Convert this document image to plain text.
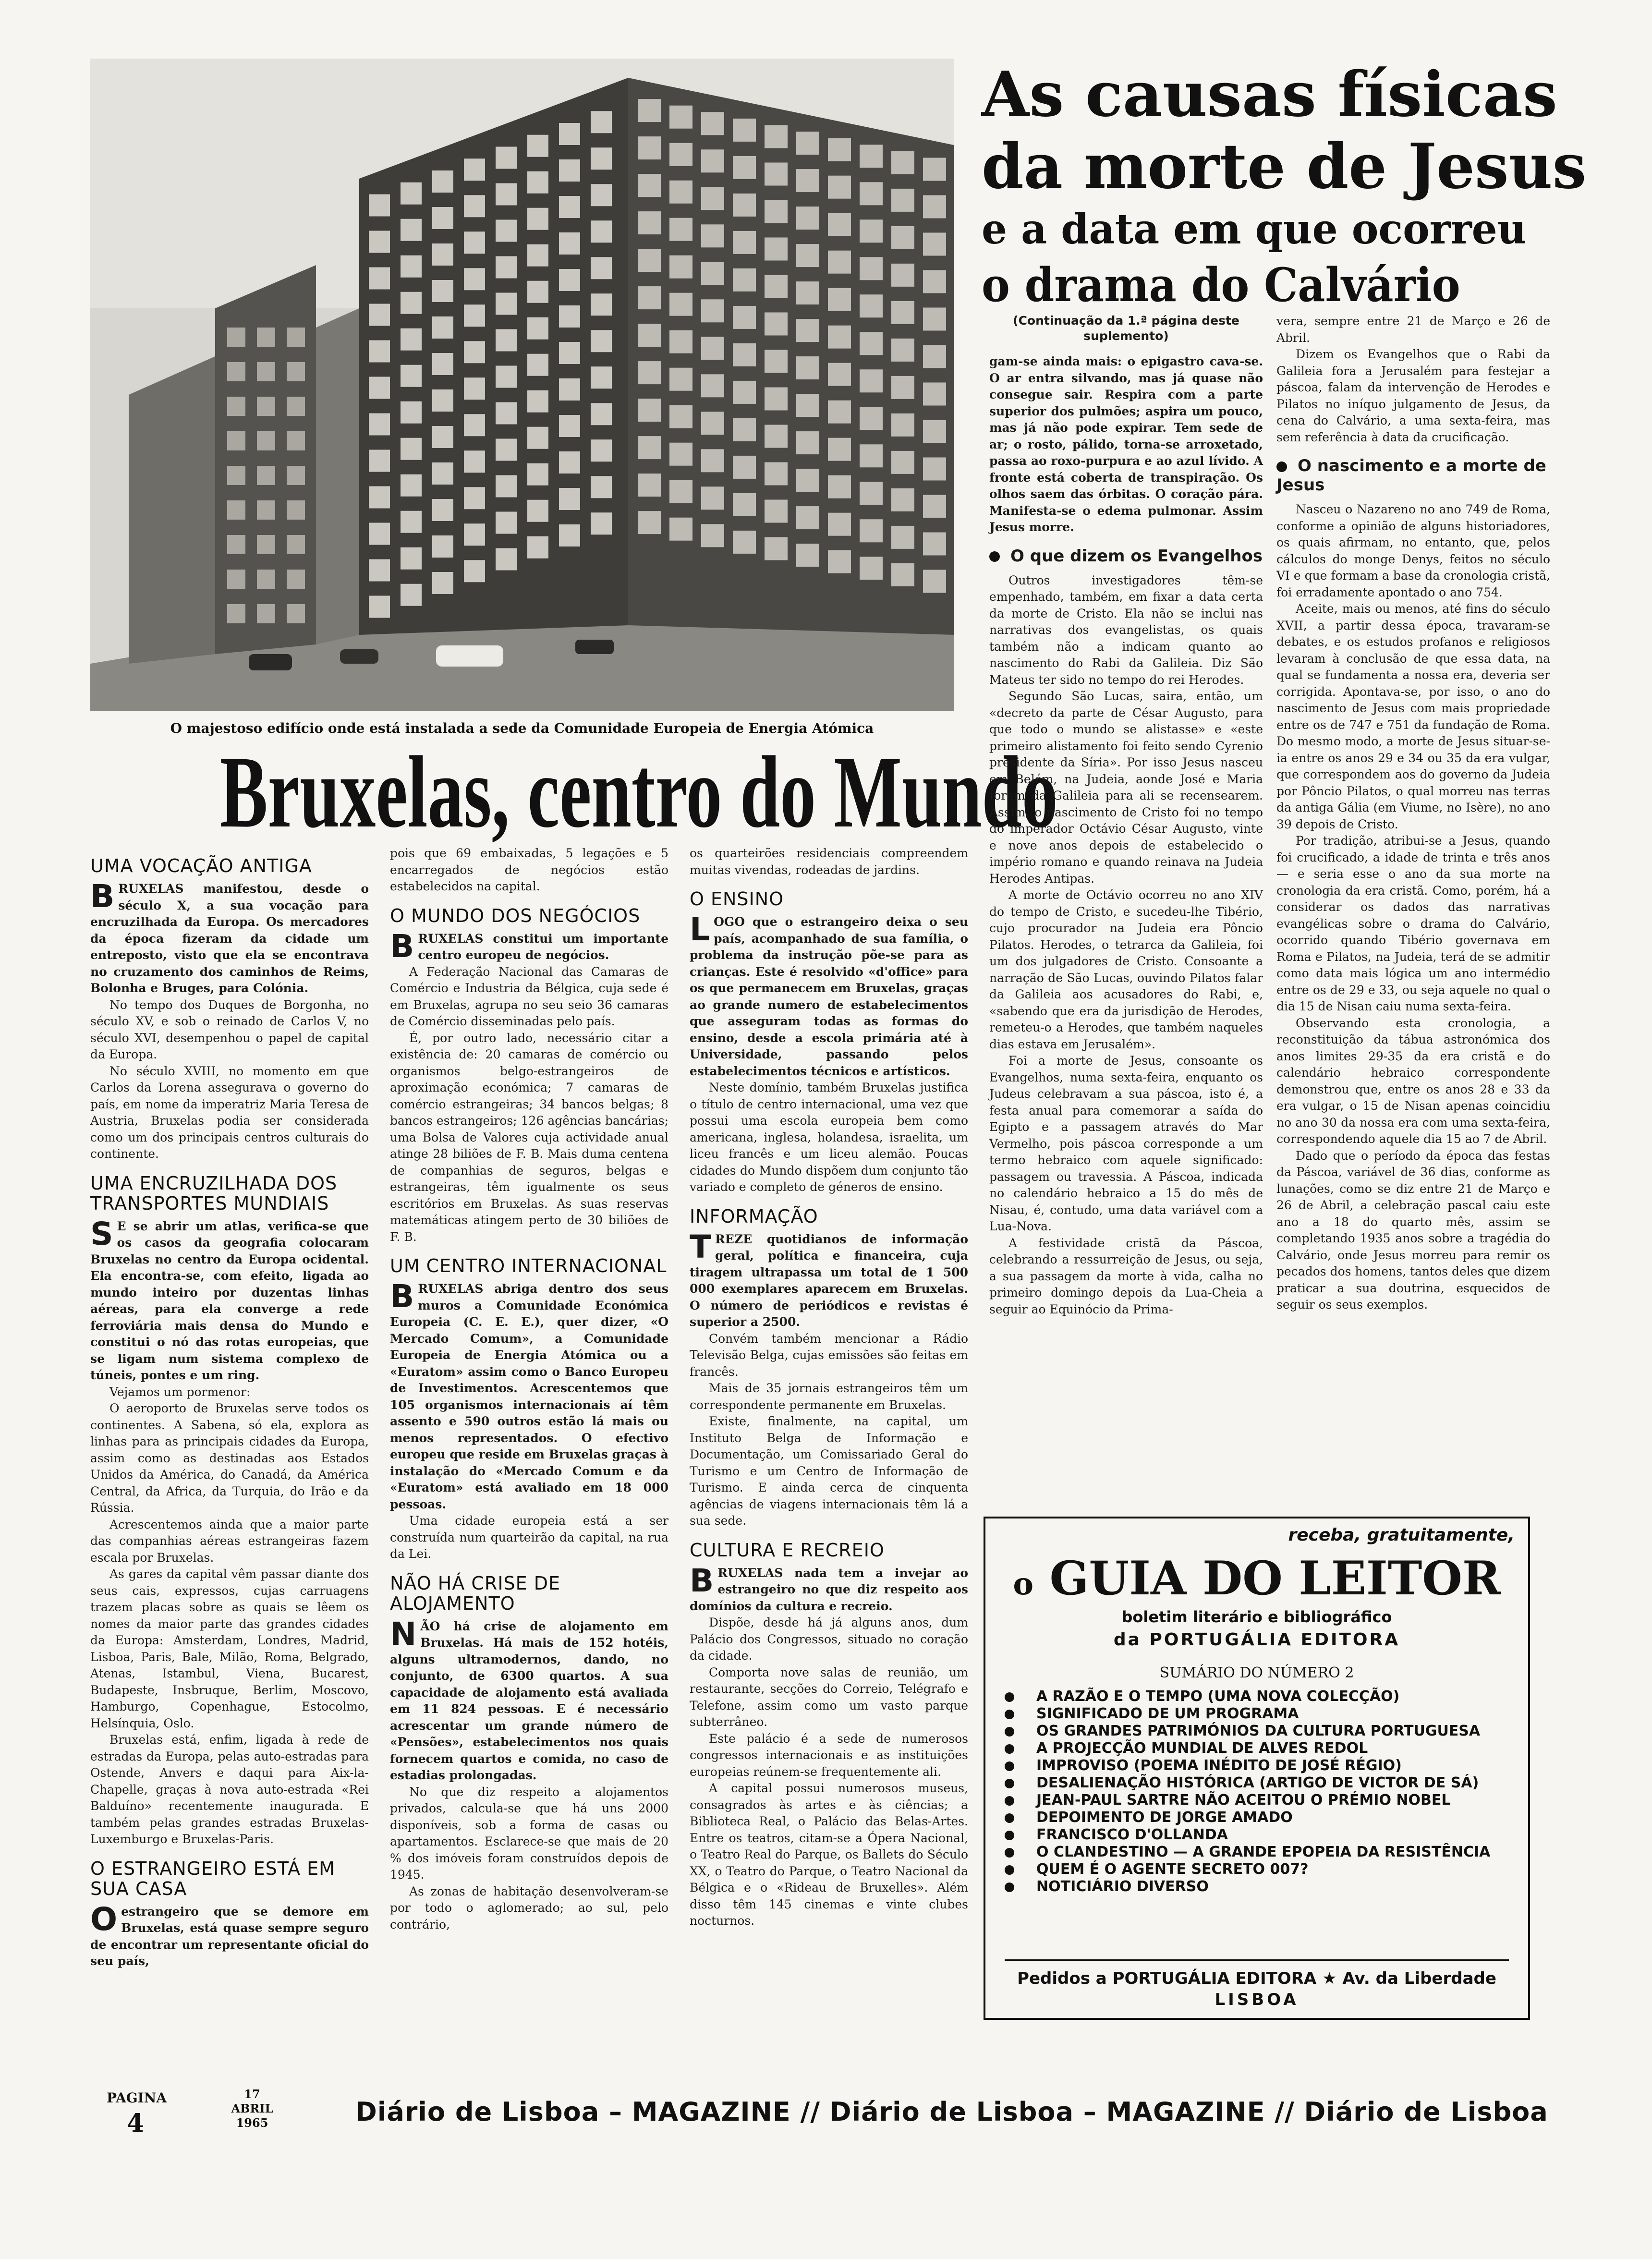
O majestoso edifício onde está instalada a sede da Comunidade Europeia de Energia Atómica
Bruxelas, centro do Mundo
UMA VOCAÇÃO ANTIGA

BRUXELAS manifestou, desde o século X, a sua vocação para encruzilhada da Europa. Os mercadores da época fizeram da cidade um entreposto, visto que ela se encontrava no cruzamento dos caminhos de Reims, Bolonha e Bruges, para Colónia.

No tempo dos Duques de Borgonha, no século XV, e sob o reinado de Carlos V, no século XVI, desempenhou o papel de capital da Europa.

No século XVIII, no momento em que Carlos da Lorena assegurava o governo do país, em nome da imperatriz Maria Teresa de Austria, Bruxelas podia ser considerada como um dos principais centros culturais do continente.

UMA ENCRUZILHADA DOS TRANSPORTES MUNDIAIS

S E se abrir um atlas, verifica-se que os casos da geografia colocaram Bruxelas no centro da Europa ocidental. Ela encontra-se, com efeito, ligada ao mundo inteiro por duzentas linhas aéreas, para ela converge a rede ferroviária mais densa do Mundo e constitui o nó das rotas europeias, que se ligam num sistema complexo de túneis, pontes e um ring.

Vejamos um pormenor:

O aeroporto de Bruxelas serve todos os continentes. A Sabena, só ela, explora as linhas para as principais cidades da Europa, assim como as destinadas aos Estados Unidos da América, do Canadá, da América Central, da Africa, da Turquia, do Irão e da Rússia.

Acrescentemos ainda que a maior parte das companhias aéreas estrangeiras fazem escala por Bruxelas.

As gares da capital vêm passar diante dos seus cais, expressos, cujas carruagens trazem placas sobre as quais se lêem os nomes da maior parte das grandes cidades da Europa: Amsterdam, Londres, Madrid, Lisboa, Paris, Bale, Milão, Roma, Belgrado, Atenas, Istambul, Viena, Bucarest, Budapeste, Insbruque, Berlim, Moscovo, Hamburgo, Copenhague, Estocolmo, Helsínquia, Oslo.

Bruxelas está, enfim, ligada à rede de estradas da Europa, pelas auto-estradas para Ostende, Anvers e daqui para Aix-la-Chapelle, graças à nova auto-estrada «Rei Balduíno» recentemente inaugurada. E também pelas grandes estradas Bruxelas-Luxemburgo e Bruxelas-Paris.

O ESTRANGEIRO ESTÁ EM SUA CASA

Oestrangeiro que se demore em Bruxelas, está quase sempre seguro de encontrar um representante oficial do seu país,

pois que 69 embaixadas, 5 legações e 5 encarregados de negócios estão estabelecidos na capital.

O MUNDO DOS NEGÓCIOS

BRUXELAS constitui um importante centro europeu de negócios.

A Federação Nacional das Camaras de Comércio e Industria da Bélgica, cuja sede é em Bruxelas, agrupa no seu seio 36 camaras de Comércio disseminadas pelo país.

É, por outro lado, necessário citar a existência de: 20 camaras de comércio ou organismos belgo-estrangeiros de aproximação económica; 7 camaras de comércio estrangeiras; 34 bancos belgas; 8 bancos estrangeiros; 126 agências bancárias; uma Bolsa de Valores cuja actividade anual atinge 28 biliões de F. B. Mais duma centena de companhias de seguros, belgas e estrangeiras, têm igualmente os seus escritórios em Bruxelas. As suas reservas matemáticas atingem perto de 30 biliões de F. B.

UM CENTRO INTERNACIONAL

BRUXELAS abriga dentro dos seus muros a Comunidade Económica Europeia (C. E. E.), quer dizer, «O Mercado Comum», a Comunidade Europeia de Energia Atómica ou a «Euratom» assim como o Banco Europeu de Investimentos. Acrescentemos que 105 organismos internacionais aí têm assento e 590 outros estão lá mais ou menos representados. O efectivo europeu que reside em Bruxelas graças à instalação do «Mercado Comum e da «Euratom» está avaliado em 18 000 pessoas.

Uma cidade europeia está a ser construída num quarteirão da capital, na rua da Lei.

NÃO HÁ CRISE DE ALOJAMENTO

NÃO há crise de alojamento em Bruxelas. Há mais de 152 hotéis, alguns ultramodernos, dando, no conjunto, de 6300 quartos. A sua capacidade de alojamento está avaliada em 11 824 pessoas. E é necessário acrescentar um grande número de «Pensões», estabelecimentos nos quais fornecem quartos e comida, no caso de estadias prolongadas.

No que diz respeito a alojamentos privados, calcula-se que há uns 2000 disponíveis, sob a forma de casas ou apartamentos. Esclarece-se que mais de 20 % dos imóveis foram construídos depois de 1945.

As zonas de habitação desenvolveram-se por todo o aglomerado; ao sul, pelo contrário,

os quarteirões residenciais compreendem muitas vivendas, rodeadas de jardins.

O ENSINO

LOGO que o estrangeiro deixa o seu país, acompanhado de sua família, o problema da instrução põe-se para as crianças. Este é resolvido «d'office» para os que permanecem em Bruxelas, graças ao grande numero de estabelecimentos que asseguram todas as formas do ensino, desde a escola primária até à Universidade, passando pelos estabelecimentos técnicos e artísticos.

Neste domínio, também Bruxelas justifica o título de centro internacional, uma vez que possui uma escola europeia bem como americana, inglesa, holandesa, israelita, um liceu francês e um liceu alemão. Poucas cidades do Mundo dispõem dum conjunto tão variado e completo de géneros de ensino.

INFORMAÇÃO

TREZE quotidianos de informação geral, política e financeira, cuja tiragem ultrapassa um total de 1 500 000 exemplares aparecem em Bruxelas. O número de periódicos e revistas é superior a 2500.

Convém também mencionar a Rádio Televisão Belga, cujas emissões são feitas em francês.

Mais de 35 jornais estrangeiros têm um correspondente permanente em Bruxelas.

Existe, finalmente, na capital, um Instituto Belga de Informação e Documentação, um Comissariado Geral do Turismo e um Centro de Informação de Turismo. E ainda cerca de cinquenta agências de viagens internacionais têm lá a sua sede.

CULTURA E RECREIO

BRUXELAS nada tem a invejar ao estrangeiro no que diz respeito aos domínios da cultura e recreio.

Dispõe, desde há já alguns anos, dum Palácio dos Congressos, situado no coração da cidade.

Comporta nove salas de reunião, um restaurante, secções do Correio, Telégrafo e Telefone, assim como um vasto parque subterrâneo.

Este palácio é a sede de numerosos congressos internacionais e as instituições europeias reúnem-se frequentemente ali.

A capital possui numerosos museus, consagrados às artes e às ciências; a Biblioteca Real, o Palácio das Belas-Artes. Entre os teatros, citam-se a Ópera Nacional, o Teatro Real do Parque, os Ballets do Século XX, o Teatro do Parque, o Teatro Nacional da Bélgica e o «Rideau de Bruxelles». Além disso têm 145 cinemas e vinte clubes nocturnos.

As causas físicas
da morte de Jesus
e a data em que ocorreu
o drama do Calvário
(Continuação da 1.ª página deste suplemento)

gam-se ainda mais: o epigastro cava-se. O ar entra silvando, mas já quase não consegue sair. Respira com a parte superior dos pulmões; aspira um pouco, mas já não pode expirar. Tem sede de ar; o rosto, pálido, torna-se arroxetado, passa ao roxo-purpura e ao azul lívido. A fronte está coberta de transpiração. Os olhos saem das órbitas. O coração pára. Manifesta-se o edema pulmonar. Assim Jesus morre.

O que dizem os Evangelhos

Outros investigadores têm-se empenhado, também, em fixar a data certa da morte de Cristo. Ela não se inclui nas narrativas dos evangelistas, os quais também não a indicam quanto ao nascimento do Rabi da Galileia. Diz São Mateus ter sido no tempo do rei Herodes.

Segundo São Lucas, saira, então, um «decreto da parte de César Augusto, para que todo o mundo se alistasse» e «este primeiro alistamento foi feito sendo Cyrenio presidente da Síria». Por isso Jesus nasceu em Belém, na Judeia, aonde José e Maria foram da Galileia para ali se recensearem. Assim, o nascimento de Cristo foi no tempo do imperador Octávio César Augusto, vinte e nove anos depois de estabelecido o império romano e quando reinava na Judeia Herodes Antipas.

A morte de Octávio ocorreu no ano XIV do tempo de Cristo, e sucedeu-lhe Tibério, cujo procurador na Judeia era Pôncio Pilatos. Herodes, o tetrarca da Galileia, foi um dos julgadores de Cristo. Consoante a narração de São Lucas, ouvindo Pilatos falar da Galileia aos acusadores do Rabi, e, «sabendo que era da jurisdição de Herodes, remeteu-o a Herodes, que também naqueles dias estava em Jerusalém».

Foi a morte de Jesus, consoante os Evangelhos, numa sexta-feira, enquanto os Judeus celebravam a sua páscoa, isto é, a festa anual para comemorar a saída do Egipto e a passagem através do Mar Vermelho, pois páscoa corresponde a um termo hebraico com aquele significado: passagem ou travessia. A Páscoa, indicada no calendário hebraico a 15 do mês de Nisau, é, contudo, uma data variável com a Lua-Nova.

A festividade cristã da Páscoa, celebrando a ressurreição de Jesus, ou seja, a sua passagem da morte à vida, calha no primeiro domingo depois da Lua-Cheia a seguir ao Equinócio da Prima-

vera, sempre entre 21 de Março e 26 de Abril.

Dizem os Evangelhos que o Rabi da Galileia fora a Jerusalém para festejar a páscoa, falam da intervenção de Herodes e Pilatos no iníquo julgamento de Jesus, da cena do Calvário, a uma sexta-feira, mas sem referência à data da crucificação.

O nascimento e a morte de Jesus

Nasceu o Nazareno no ano 749 de Roma, conforme a opinião de alguns historiadores, os quais afirmam, no entanto, que, pelos cálculos do monge Denys, feitos no século VI e que formam a base da cronologia cristã, foi erradamente apontado o ano 754.

Aceite, mais ou menos, até fins do século XVII, a partir dessa época, travaram-se debates, e os estudos profanos e religiosos levaram à conclusão de que essa data, na qual se fundamenta a nossa era, deveria ser corrigida. Apontava-se, por isso, o ano do nascimento de Jesus com mais propriedade entre os de 747 e 751 da fundação de Roma. Do mesmo modo, a morte de Jesus situar-se-ia entre os anos 29 e 34 ou 35 da era vulgar, que correspondem aos do governo da Judeia por Pôncio Pilatos, o qual morreu nas terras da antiga Gália (em Viume, no Isère), no ano 39 depois de Cristo.

Por tradição, atribui-se a Jesus, quando foi crucificado, a idade de trinta e três anos — e seria esse o ano da sua morte na cronologia da era cristã. Como, porém, há a considerar os dados das narrativas evangélicas sobre o drama do Calvário, ocorrido quando Tibério governava em Roma e Pilatos, na Judeia, terá de se admitir como data mais lógica um ano intermédio entre os de 29 e 33, ou seja aquele no qual o dia 15 de Nisan caiu numa sexta-feira.

Observando esta cronologia, a reconstituição da tábua astronómica dos anos limites 29-35 da era cristã e do calendário hebraico correspondente demonstrou que, entre os anos 28 e 33 da era vulgar, o 15 de Nisan apenas coincidiu no ano 30 da nossa era com uma sexta-feira, correspondendo aquele dia 15 ao 7 de Abril.

Dado que o período da época das festas da Páscoa, variável de 36 dias, conforme as lunações, como se diz entre 21 de Março e 26 de Abril, a celebração pascal caiu este ano a 18 do quarto mês, assim se completando 1935 anos sobre a tragédia do Calvário, onde Jesus morreu para remir os pecados dos homens, tantos deles que dizem praticar a sua doutrina, esquecidos de seguir os seus exemplos.

receba, gratuitamente,
o GUIA DO LEITOR
boletim literário e bibliográfico
da PORTUGÁLIA EDITORA
SUMÁRIO DO NÚMERO 2
A RAZÃO E O TEMPO (UMA NOVA COLECÇÃO)
SIGNIFICADO DE UM PROGRAMA
OS GRANDES PATRIMÓNIOS DA CULTURA PORTUGUESA
A PROJECÇÃO MUNDIAL DE ALVES REDOL
IMPROVISO (POEMA INÉDITO DE JOSÉ RÉGIO)
DESALIENAÇÃO HISTÓRICA (ARTIGO DE VICTOR DE SÁ)
JEAN-PAUL SARTRE NÃO ACEITOU O PRÉMIO NOBEL
DEPOIMENTO DE JORGE AMADO
FRANCISCO D'OLLANDA
O CLANDESTINO — A GRANDE EPOPEIA DA RESISTÊNCIA
QUEM É O AGENTE SECRETO 007?
NOTICIÁRIO DIVERSO
Pedidos a PORTUGÁLIA EDITORA ★ Av. da Liberdade
LISBOA
PAGINA
4
17
ABRIL
1965	Diário de Lisboa – MAGAZINE // Diário de Lisboa – MAGAZINE // Diário de Lisboa
